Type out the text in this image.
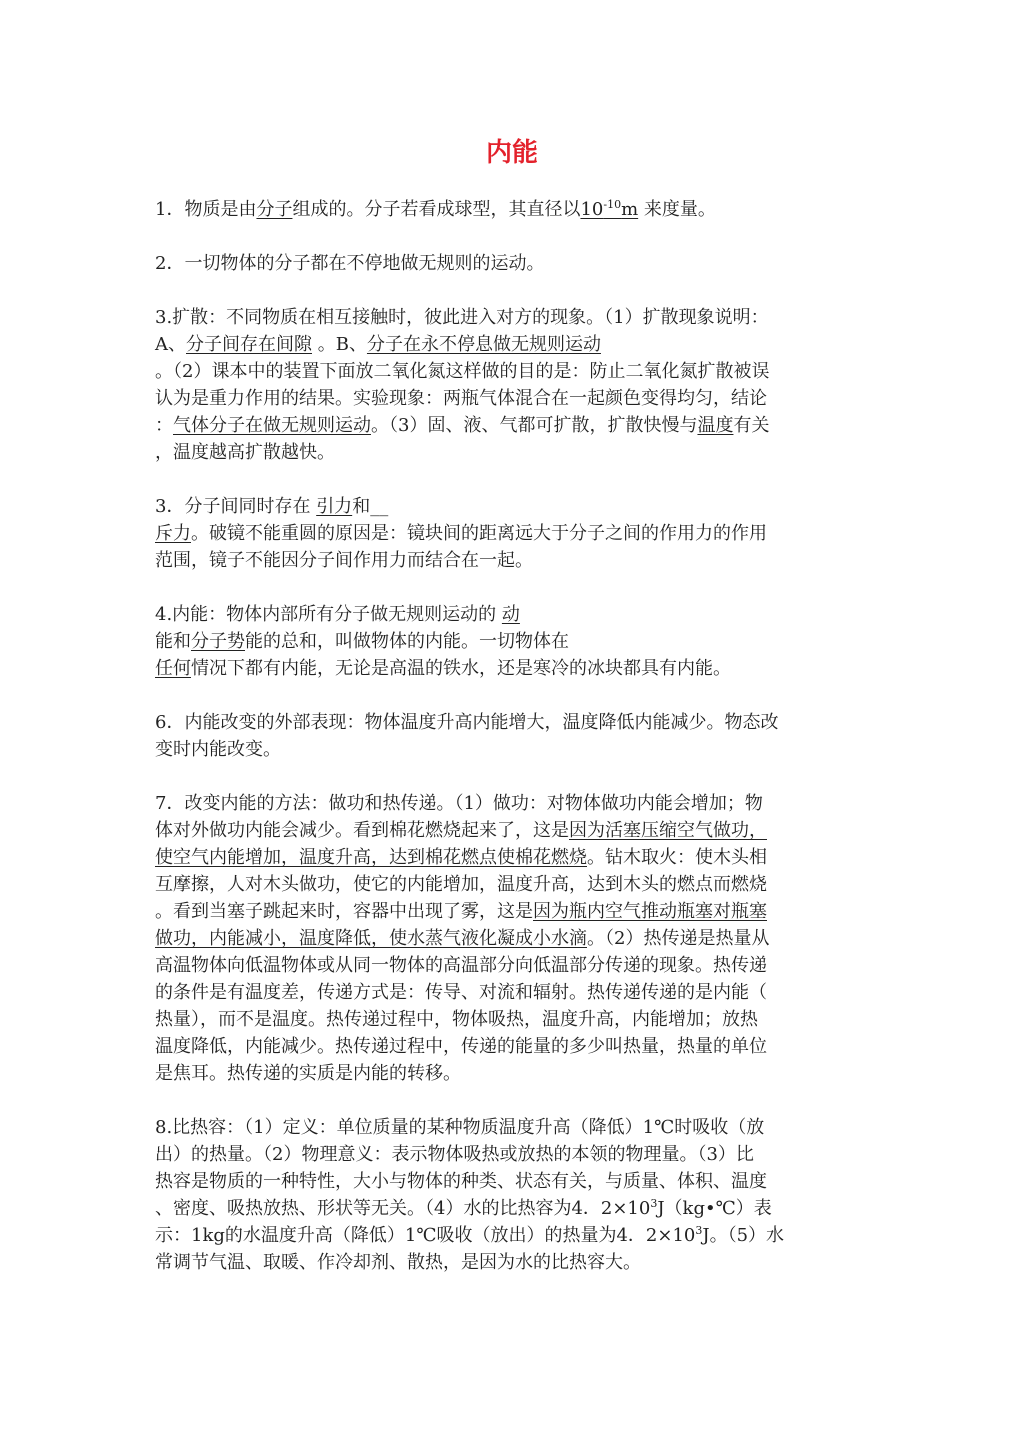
内能
1．物质是由分子组成的。分子若看成球型，其直径以$10^{-10}m$ 来度量。
2．一切物体的分子都在不停地做无规则的运动。
3.扩散：不同物质在相互接触时，彼此进入对方的现象。（1）扩散现象说明：
A、分子间存在间隙 。B、分子在永不停息做无规则运动
。（2）课本中的装置下面放二氧化氮这样做的目的是：防止二氧化氮扩散被误
认为是重力作用的结果。实验现象：两瓶气体混合在一起颜色变得均匀，结论
：气体分子在做无规则运动。（3）固、液、气都可扩散，扩散快慢与温度有关
，温度越高扩散越快。
3．分子间同时存在 引力和__
斥力。破镜不能重圆的原因是：镜块间的距离远大于分子之间的作用力的作用
范围，镜子不能因分子间作用力而结合在一起。
4.内能：物体内部所有分子做无规则运动的 动
能和分子势能的总和，叫做物体的内能。一切物体在
任何情况下都有内能，无论是高温的铁水，还是寒冷的冰块都具有内能。
6．内能改变的外部表现：物体温度升高内能增大，温度降低内能减少。物态改
变时内能改变。
7．改变内能的方法：做功和热传递。（1）做功：对物体做功内能会增加；物
体对外做功内能会减少。看到棉花燃烧起来了，这是因为活塞压缩空气做功，
使空气内能增加，温度升高，达到棉花燃点使棉花燃烧。钻木取火：使木头相
互摩擦，人对木头做功，使它的内能增加，温度升高，达到木头的燃点而燃烧
。看到当塞子跳起来时，容器中出现了雾，这是因为瓶内空气推动瓶塞对瓶塞
做功，内能减小，温度降低，使水蒸气液化凝成小水滴。（2）热传递是热量从
高温物体向低温物体或从同一物体的高温部分向低温部分传递的现象。热传递
的条件是有温度差，传递方式是：传导、对流和辐射。热传递传递的是内能（
热量），而不是温度。热传递过程中，物体吸热，温度升高，内能增加；放热
温度降低，内能减少。热传递过程中，传递的能量的多少叫热量，热量的单位
是焦耳。热传递的实质是内能的转移。
8.比热容：（1）定义：单位质量的某种物质温度升高（降低）1℃时吸收（放
出）的热量。（2）物理意义：表示物体吸热或放热的本领的物理量。（3）比
热容是物质的一种特性，大小与物体的种类、状态有关，与质量、体积、温度
、密度、吸热放热、形状等无关。（4）水的比热容为4．$2\times 10^3J(kg•℃)$表
示：1kg的水温度升高（降低）1℃吸收（放出）的热量为4．$2\times 10^3J$。（5）水
常调节气温、取暖、作冷却剂、散热，是因为水的比热容大。
